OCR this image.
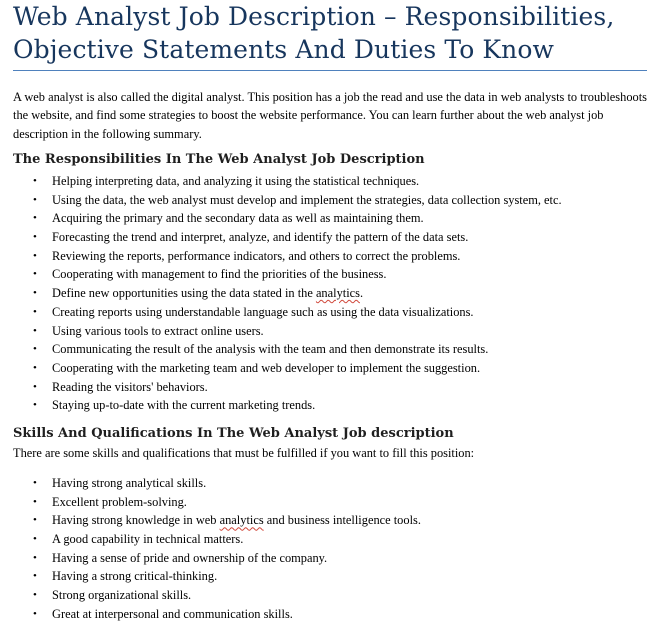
Web Analyst Job Description – Responsibilities, Objective Statements And Duties To Know

A web analyst is also called the digital analyst. This position has a job the read and use the data in web analysts to troubleshoots the website, and find some strategies to boost the website performance. You can learn further about the web analyst job description in the following summary.

The Responsibilities In The Web Analyst Job Description
• Helping interpreting data, and analyzing it using the statistical techniques.
• Using the data, the web analyst must develop and implement the strategies, data collection system, etc.
• Acquiring the primary and the secondary data as well as maintaining them.
• Forecasting the trend and interpret, analyze, and identify the pattern of the data sets.
• Reviewing the reports, performance indicators, and others to correct the problems.
• Cooperating with management to find the priorities of the business.
• Define new opportunities using the data stated in the analytics.
• Creating reports using understandable language such as using the data visualizations.
• Using various tools to extract online users.
• Communicating the result of the analysis with the team and then demonstrate its results.
• Cooperating with the marketing team and web developer to implement the suggestion.
• Reading the visitors' behaviors.
• Staying up-to-date with the current marketing trends.
Skills And Qualifications In The Web Analyst Job description

There are some skills and qualifications that must be fulfilled if you want to fill this position:

• Having strong analytical skills.
• Excellent problem-solving.
• Having strong knowledge in web analytics and business intelligence tools.
• A good capability in technical matters.
• Having a sense of pride and ownership of the company.
• Having a strong critical-thinking.
• Strong organizational skills.
• Great at interpersonal and communication skills.
